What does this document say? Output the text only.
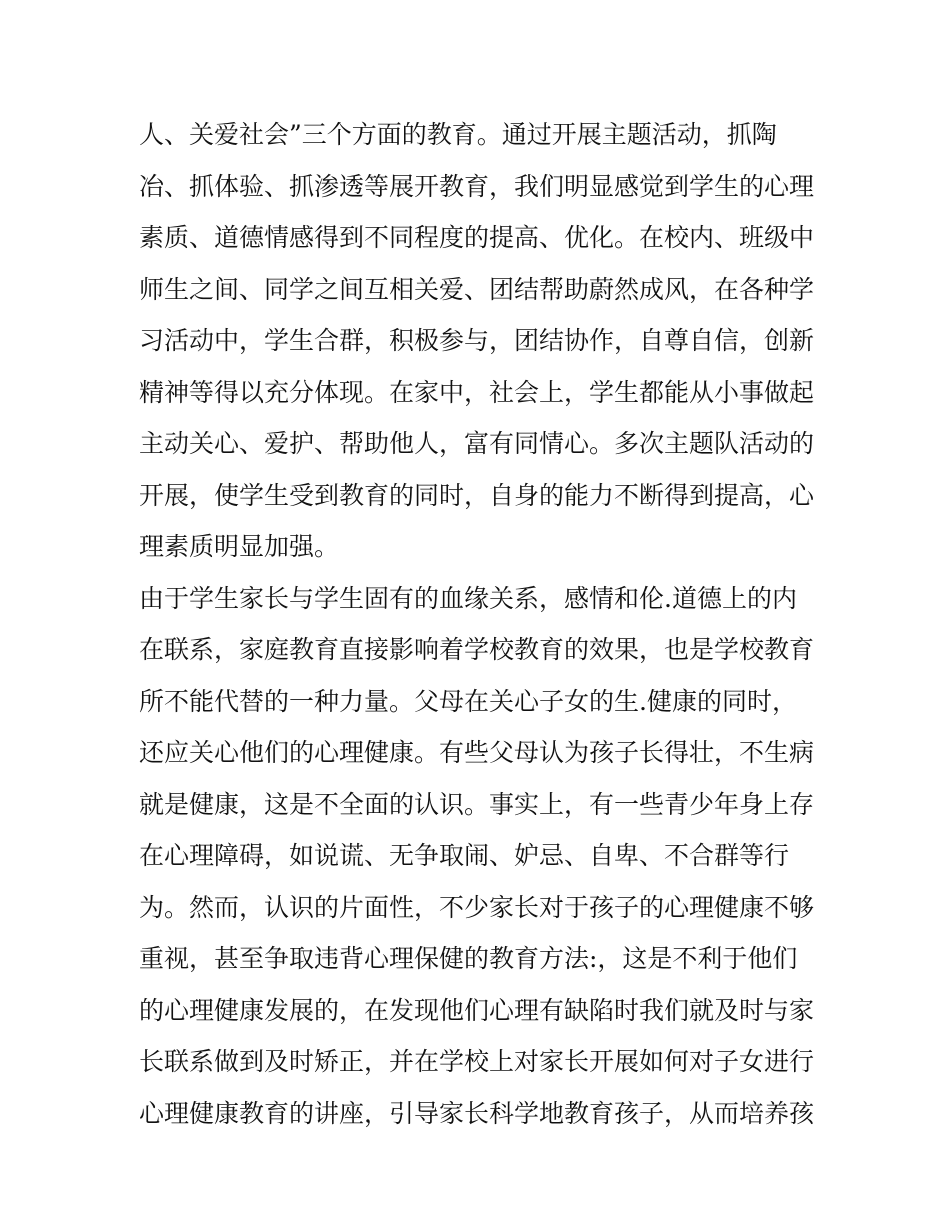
人、关爱社会”三个方面的教育。通过开展主题活动，抓陶
冶、抓体验、抓渗透等展开教育，我们明显感觉到学生的心理
素质、道德情感得到不同程度的提高、优化。在校内、班级中
师生之间、同学之间互相关爱、团结帮助蔚然成风，在各种学
习活动中，学生合群，积极参与，团结协作，自尊自信，创新
精神等得以充分体现。在家中，社会上，学生都能从小事做起
主动关心、爱护、帮助他人，富有同情心。多次主题队活动的
开展，使学生受到教育的同时，自身的能力不断得到提高，心
理素质明显加强。
由于学生家长与学生固有的血缘关系，感情和伦.道德上的内
在联系，家庭教育直接影响着学校教育的效果，也是学校教育
所不能代替的一种力量。父母在关心子女的生.健康的同时，
还应关心他们的心理健康。有些父母认为孩子长得壮，不生病
就是健康，这是不全面的认识。事实上，有一些青少年身上存
在心理障碍，如说谎、无争取闹、妒忌、自卑、不合群等行
为。然而，认识的片面性，不少家长对于孩子的心理健康不够
重视，甚至争取违背心理保健的教育方法:，这是不利于他们
的心理健康发展的，在发现他们心理有缺陷时我们就及时与家
长联系做到及时矫正，并在学校上对家长开展如何对子女进行
心理健康教育的讲座，引导家长科学地教育孩子，从而培养孩
